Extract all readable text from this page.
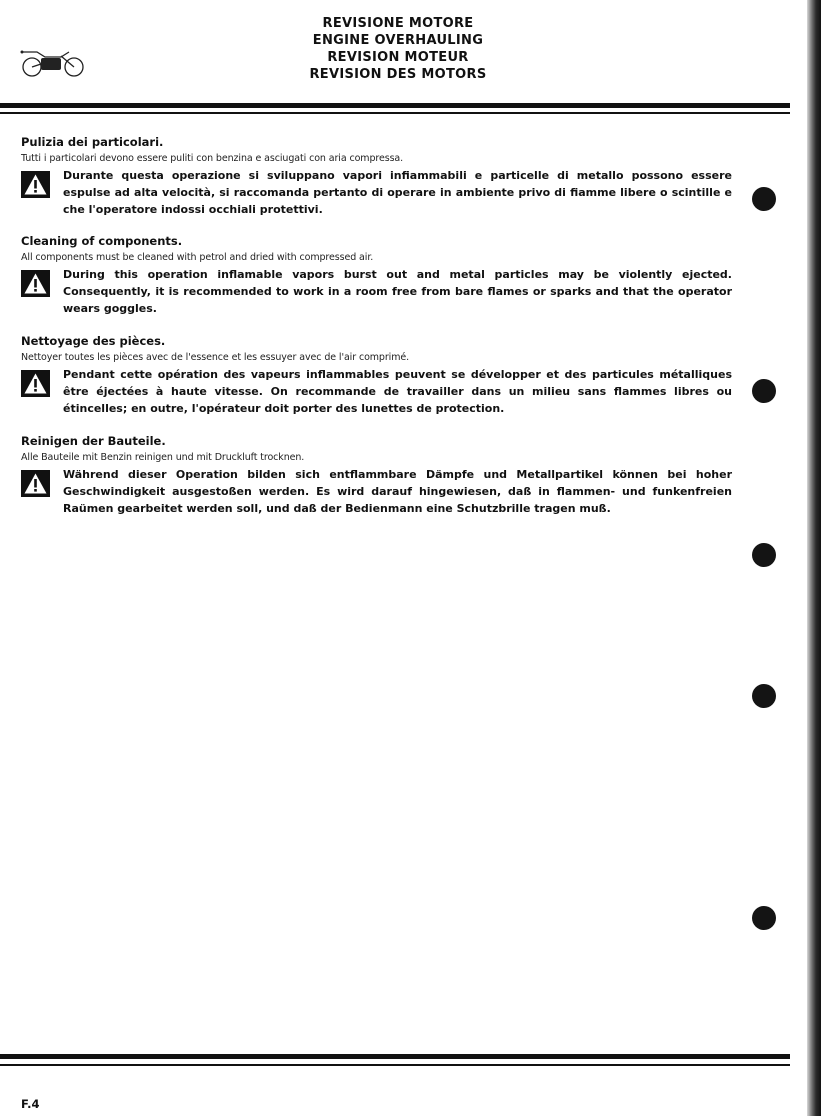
REVISIONE MOTORE
ENGINE OVERHAULING
REVISION MOTEUR
REVISION DES MOTORS
Pulizia dei particolari.
Tutti i particolari devono essere puliti con benzina e asciugati con aria compressa.
Durante questa operazione si sviluppano vapori infiammabili e particelle di metallo possono essere espulse ad alta velocità, si raccomanda pertanto di operare in ambiente privo di fiamme libere o scintille e che l'operatore indossi occhiali protettivi.
Cleaning of components.
All components must be cleaned with petrol and dried with compressed air.
During this operation inflamable vapors burst out and metal particles may be violently ejected. Consequently, it is recommended to work in a room free from bare flames or sparks and that the operator wears goggles.
Nettoyage des pièces.
Nettoyer toutes les pièces avec de l'essence et les essuyer avec de l'air comprimé.
Pendant cette opération des vapeurs inflammables peuvent se développer et des particules métalliques être éjectées à haute vitesse. On recommande de travailler dans un milieu sans flammes libres ou étincelles; en outre, l'opérateur doit porter des lunettes de protection.
Reinigen der Bauteile.
Alle Bauteile mit Benzin reinigen und mit Druckluft trocknen.
Während dieser Operation bilden sich entflammbare Dämpfe und Metallpartikel können bei hoher Geschwindigkeit ausgestoßen werden. Es wird darauf hingewiesen, daß in flammen- und funkenfreien Raümen gearbeitet werden soll, und daß der Bedienmann eine Schutzbrille tragen muß.
F.4
